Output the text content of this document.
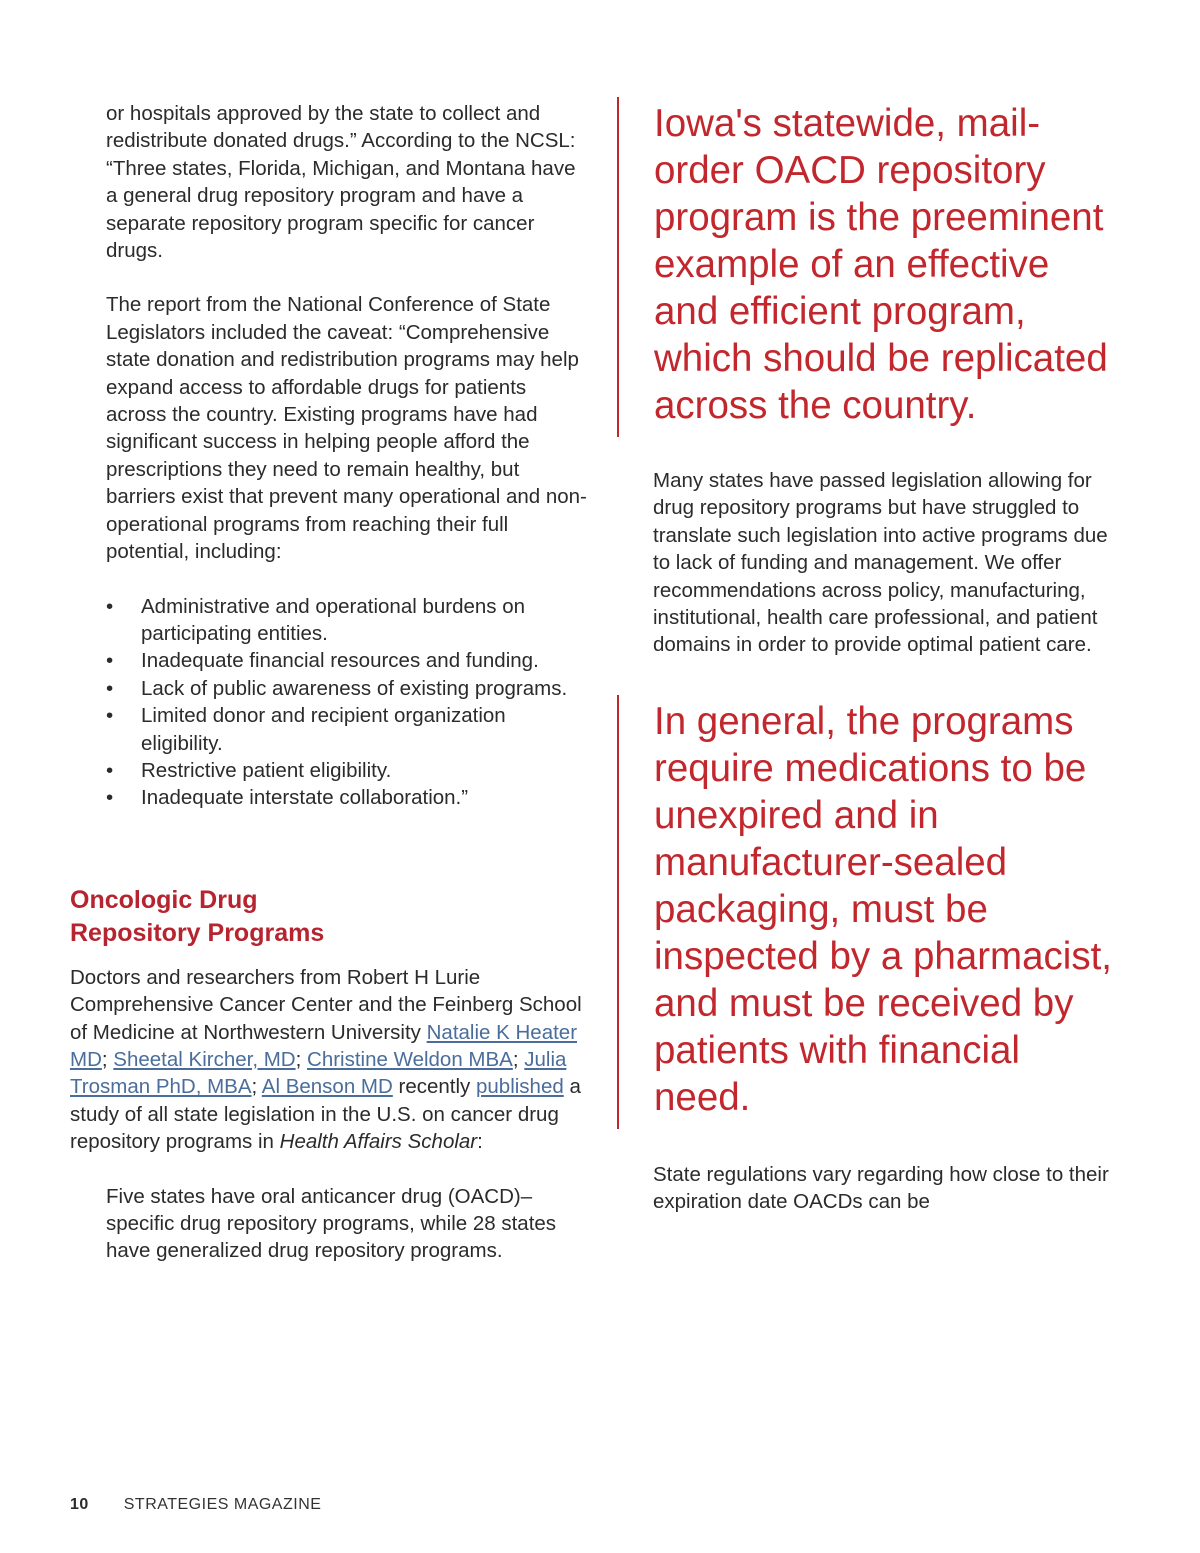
or hospitals approved by the state to collect and redistribute donated drugs.” According to the NCSL: “Three states, Florida, Michigan, and Montana have a general drug repository program and have a separate repository program specific for cancer drugs.

The report from the National Conference of State Legislators included the caveat: “Comprehensive state donation and redistribution programs may help expand access to affordable drugs for patients across the country. Existing programs have had significant success in helping people afford the prescriptions they need to remain healthy, but barriers exist that prevent many operational and non-operational programs from reaching their full potential, including:

• Administrative and operational burdens on participating entities.
• Inadequate financial resources and funding.
• Lack of public awareness of existing programs.
• Limited donor and recipient organization eligibility.
• Restrictive patient eligibility.
• Inadequate interstate collaboration.”
Oncologic Drug
Repository Programs

Doctors and researchers from Robert H Lurie Comprehensive Cancer Center and the Feinberg School of Medicine at Northwestern University Natalie K Heater MD; Sheetal Kircher, MD; Christine Weldon MBA; Julia Trosman PhD, MBA; Al Benson MD recently published a study of all state legislation in the U.S. on cancer drug repository programs in Health Affairs Scholar:

Five states have oral anticancer drug (OACD)–specific drug repository programs, while 28 states have generalized drug repository programs.

Iowa's statewide, mail-order OACD repository program is the preeminent example of an effective and efficient program, which should be replicated across the country.

Many states have passed legislation allowing for drug repository programs but have struggled to translate such legislation into active programs due to lack of funding and management. We offer recommendations across policy, manufacturing, institutional, health care professional, and patient domains in order to provide optimal patient care.

In general, the programs require medications to be unexpired and in manufacturer-sealed packaging, must be inspected by a pharmacist, and must be received by patients with financial need.

State regulations vary regarding how close to their expiration date OACDs can be

10 STRATEGIES MAGAZINE
